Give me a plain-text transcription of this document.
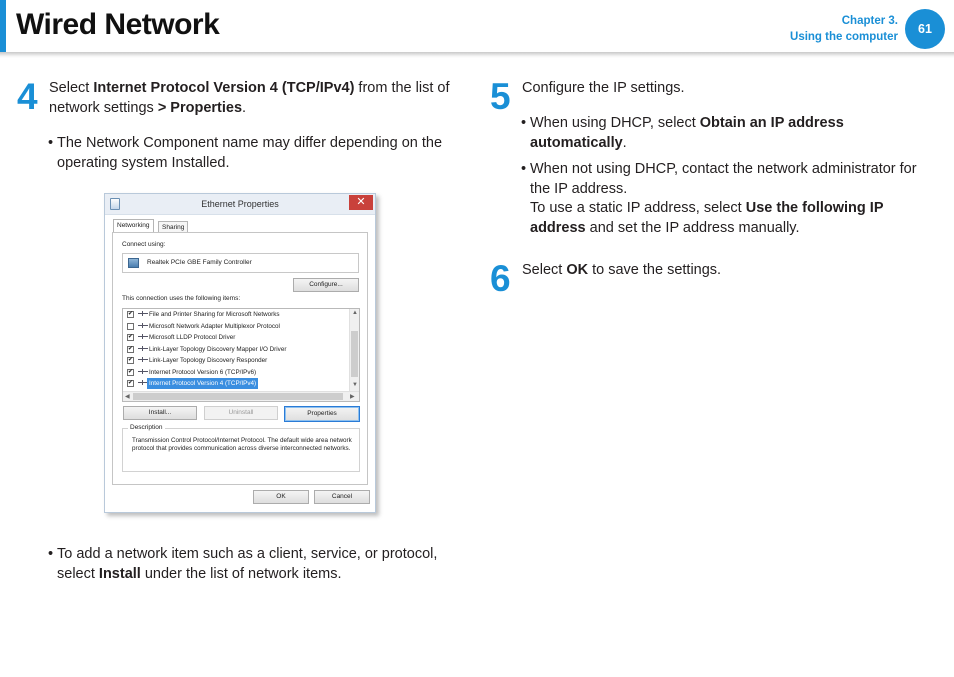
Wired Network	Chapter 3.
Using the computer
61
4 Select Internet Protocol Version 4 (TCP/IPv4) from the list of network settings > Properties.
• The Network Component name may differ depending on the operating system Installed.
Ethernet Properties	✕
Networking	Sharing
Connect using:
Realtek PCIe GBE Family Controller
Configure...
This connection uses the following items:
✔	File and Printer Sharing for Microsoft Networks
Microsoft Network Adapter Multiplexor Protocol
✔	Microsoft LLDP Protocol Driver
✔	Link-Layer Topology Discovery Mapper I/O Driver
✔	Link-Layer Topology Discovery Responder
✔	Internet Protocol Version 6 (TCP/IPv6)
✔	Internet Protocol Version 4 (TCP/IPv4)
▲
▼
◀	▶
Install...	Uninstall	Properties
Description
Transmission Control Protocol/Internet Protocol. The default wide area network protocol that provides communication across diverse interconnected networks.
OK	Cancel
• To add a network item such as a client, service, or protocol, select Install under the list of network items.
5 Configure the IP settings.
• When using DHCP, select Obtain an IP address automatically.
• When not using DHCP, contact the network administrator for the IP address.
To use a static IP address, select Use the following IP address and set the IP address manually.
6 Select OK to save the settings.
